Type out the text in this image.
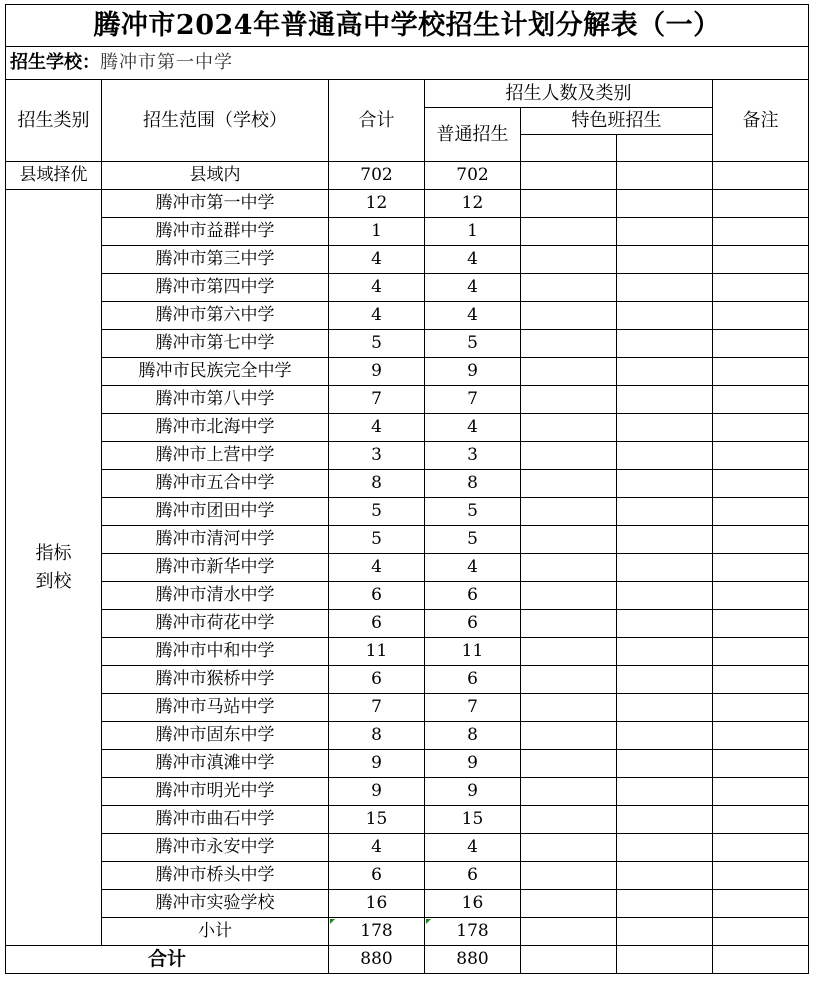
腾冲市2024年普通高中学校招生计划分解表（一）						
招生学校：腾冲市第一中学						
招生类别	招生范围（学校）	合计	招生人数及类别			备注
			普通招生	特色班招生		

县域择优	县域内	702	702			
指标
到校	腾冲市第一中学	12	12			
	腾冲市益群中学	1	1			
	腾冲市第三中学	4	4			
	腾冲市第四中学	4	4			
	腾冲市第六中学	4	4			
	腾冲市第七中学	5	5			
	腾冲市民族完全中学	9	9			
	腾冲市第八中学	7	7			
	腾冲市北海中学	4	4			
	腾冲市上营中学	3	3			
	腾冲市五合中学	8	8			
	腾冲市团田中学	5	5			
	腾冲市清河中学	5	5			
	腾冲市新华中学	4	4			
	腾冲市清水中学	6	6			
	腾冲市荷花中学	6	6			
	腾冲市中和中学	11	11			
	腾冲市猴桥中学	6	6			
	腾冲市马站中学	7	7			
	腾冲市固东中学	8	8			
	腾冲市滇滩中学	9	9			
	腾冲市明光中学	9	9			
	腾冲市曲石中学	15	15			
	腾冲市永安中学	4	4			
	腾冲市桥头中学	6	6			
	腾冲市实验学校	16	16			
	小计	178	178			
合计		880	880			
